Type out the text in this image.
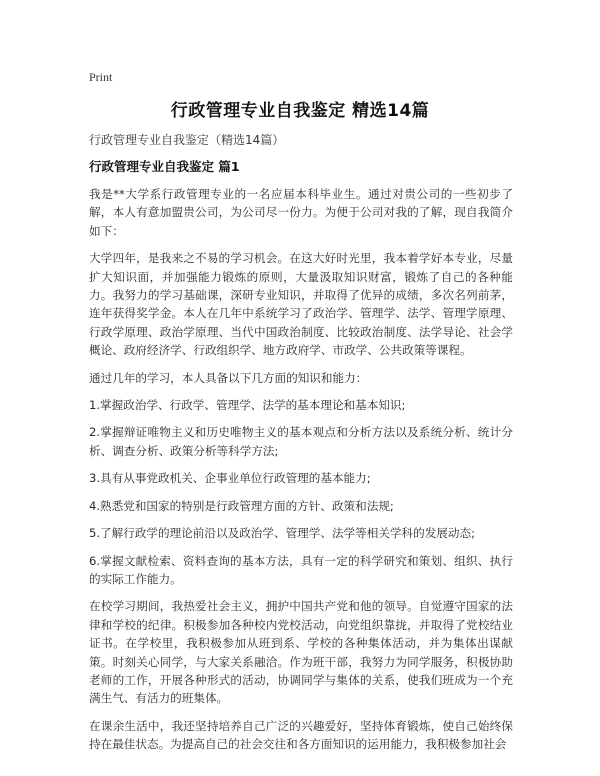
Print
行政管理专业自我鉴定 精选14篇

行政管理专业自我鉴定（精选14篇）

行政管理专业自我鉴定 篇1

我是**大学系行政管理专业的一名应届本科毕业生。通过对贵公司的一些初步了解，本人有意加盟贵公司，为公司尽一份力。为便于公司对我的了解，现自我简介如下：

大学四年，是我来之不易的学习机会。在这大好时光里，我本着学好本专业，尽量扩大知识面，并加强能力锻炼的原则，大量汲取知识财富，锻炼了自己的各种能力。我努力的学习基础课，深研专业知识，并取得了优异的成绩，多次名列前茅，连年获得奖学金。本人在几年中系统学习了政治学、管理学、法学、管理学原理、行政学原理、政治学原理、当代中国政治制度、比较政治制度、法学导论、社会学概论、政府经济学、行政组织学、地方政府学、市政学、公共政策等课程。

通过几年的学习，本人具备以下几方面的知识和能力：

1.掌握政治学、行政学、管理学、法学的基本理论和基本知识;

2.掌握辩证唯物主义和历史唯物主义的基本观点和分析方法以及系统分析、统计分析、调查分析、政策分析等科学方法;

3.具有从事党政机关、企事业单位行政管理的基本能力;

4.熟悉党和国家的特别是行政管理方面的方针、政策和法规;

5.了解行政学的理论前沿以及政治学、管理学、法学等相关学科的发展动态;

6.掌握文献检索、资料查询的基本方法，具有一定的科学研究和策划、组织、执行的实际工作能力。

在校学习期间，我热爱社会主义，拥护中国共产党和他的领导。自觉遵守国家的法律和学校的纪律。积极参加各种校内党校活动，向党组织靠拢，并取得了党校结业证书。在学校里，我积极参加从班到系、学校的各种集体活动，并为集体出谋献策。时刻关心同学，与大家关系融洽。作为班干部，我努力为同学服务，积极协助老师的工作，开展各种形式的活动，协调同学与集体的关系，使我们班成为一个充满生气、有活力的班集体。

在课余生活中，我还坚持培养自己广泛的兴趣爱好，坚持体育锻炼，使自己始终保持在最佳状态。为提高自己的社会交往和各方面知识的运用能力，我积极参加社会
